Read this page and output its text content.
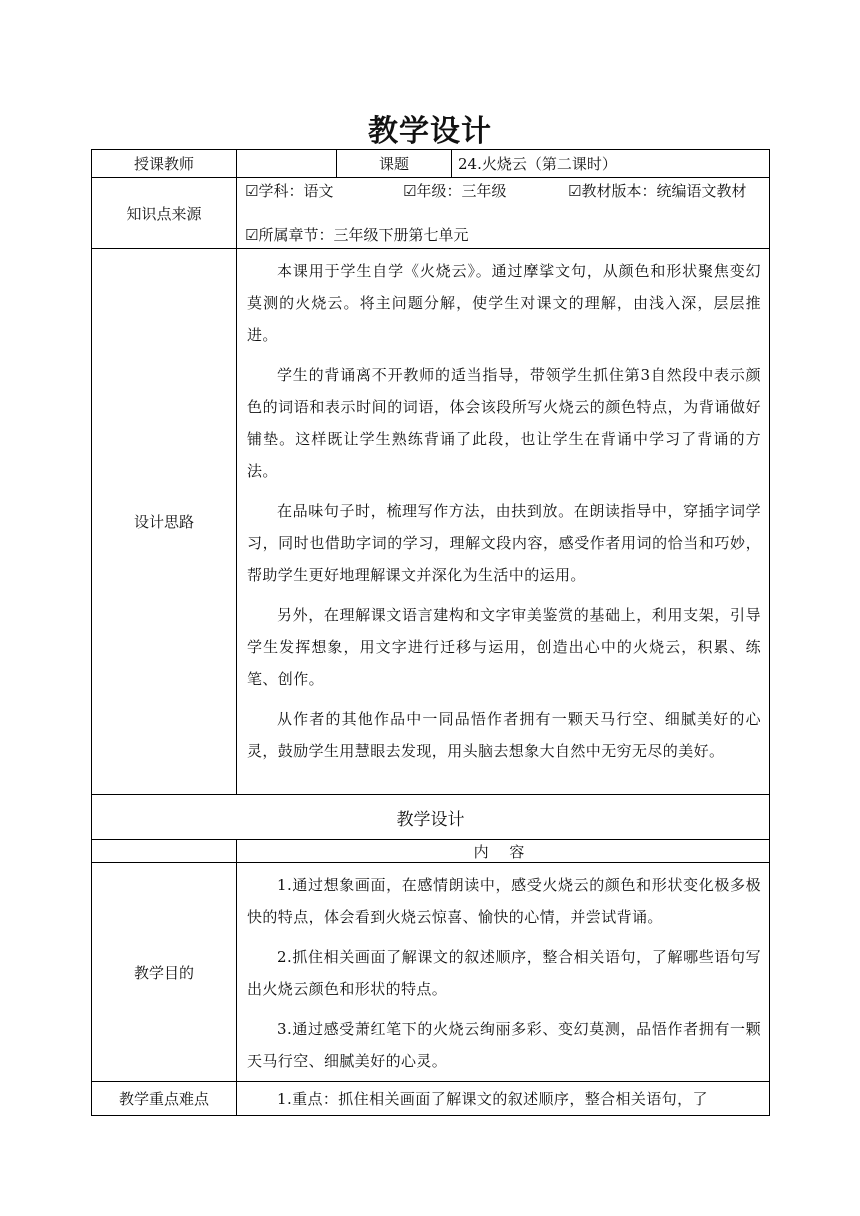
教学设计
授课教师		课题	24.火烧云（第二课时）
知识点来源	☑学科：语文 ☑年级：三年级 ☑教材版本：统编语文教材
☑所属章节：三年级下册第七单元		

设计思路	本课用于学生自学《火烧云》。通过摩挲文句，从颜色和形状聚焦变幻莫测的火烧云。将主问题分解，使学生对课文的理解，由浅入深，层层推进。

学生的背诵离不开教师的适当指导，带领学生抓住第3自然段中表示颜色的词语和表示时间的词语，体会该段所写火烧云的颜色特点，为背诵做好铺垫。这样既让学生熟练背诵了此段，也让学生在背诵中学习了背诵的方法。

在品味句子时，梳理写作方法，由扶到放。在朗读指导中，穿插字词学习，同时也借助字词的学习，理解文段内容，感受作者用词的恰当和巧妙，帮助学生更好地理解课文并深化为生活中的运用。

另外，在理解课文语言建构和文字审美鉴赏的基础上，利用支架，引导学生发挥想象，用文字进行迁移与运用，创造出心中的火烧云，积累、练笔、创作。

从作者的其他作品中一同品悟作者拥有一颗天马行空、细腻美好的心灵，鼓励学生用慧眼去发现，用头脑去想象大自然中无穷无尽的美好。		

教学设计			
	内 容		
教学目的	1.通过想象画面，在感情朗读中，感受火烧云的颜色和形状变化极多极快的特点，体会看到火烧云惊喜、愉快的心情，并尝试背诵。

2.抓住相关画面了解课文的叙述顺序，整合相关语句，了解哪些语句写出火烧云颜色和形状的特点。

3.通过感受萧红笔下的火烧云绚丽多彩、变幻莫测，品悟作者拥有一颗天马行空、细腻美好的心灵。		

教学重点难点	1.重点：抓住相关画面了解课文的叙述顺序，整合相关语句，了		
